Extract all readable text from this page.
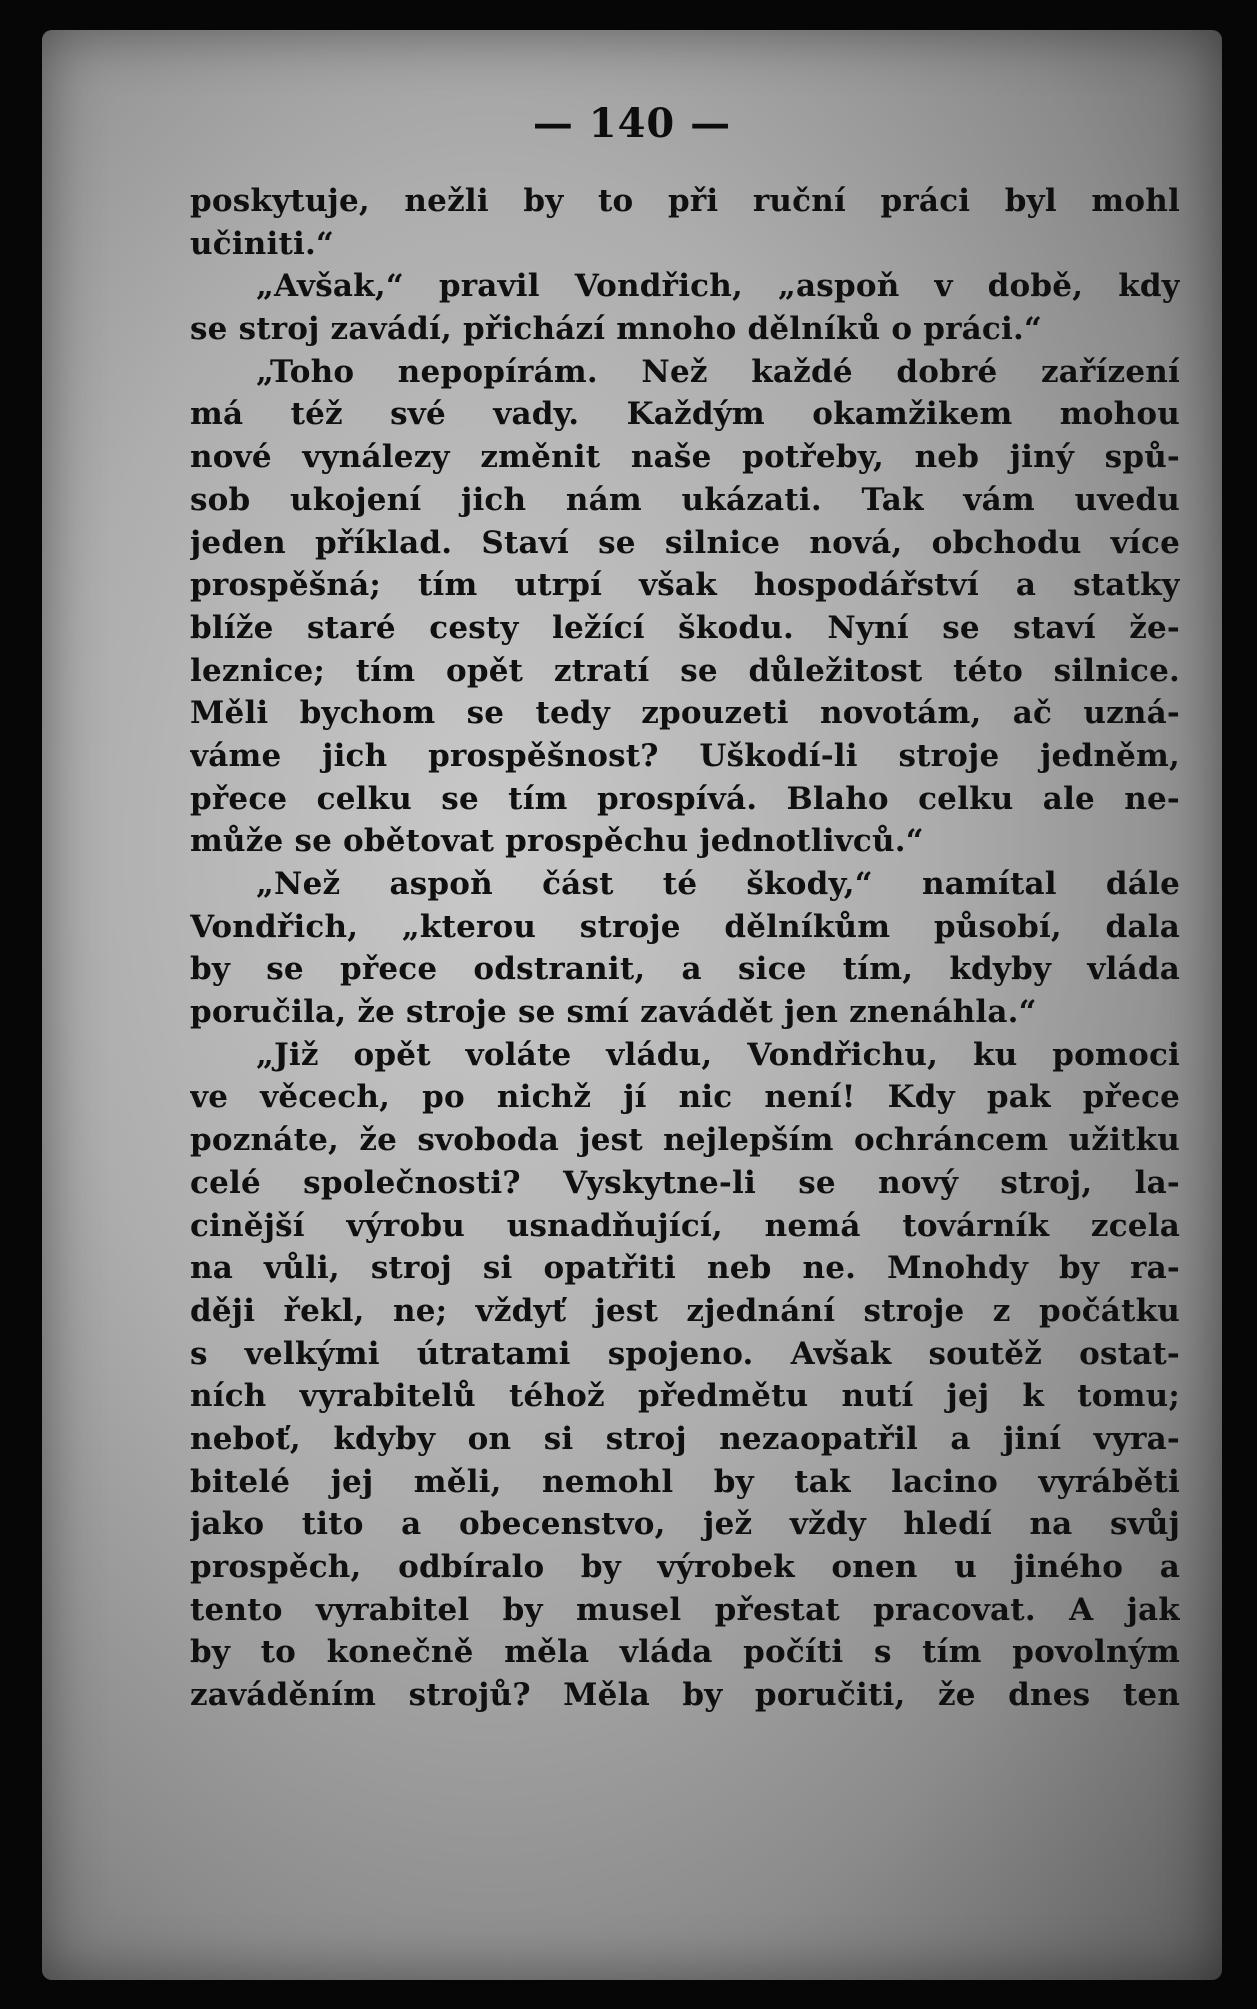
— 140 —
poskytuje, nežli by to při ruční práci byl mohl
učiniti.“
„Avšak,“ pravil Vondřich, „aspoň v době, kdy
se stroj zavádí, přichází mnoho dělníků o práci.“
„Toho nepopírám. Než každé dobré zařízení
má též své vady. Každým okamžikem mohou
nové vynálezy změnit naše potřeby, neb jiný spů-
sob ukojení jich nám ukázati. Tak vám uvedu
jeden příklad. Staví se silnice nová, obchodu více
prospěšná; tím utrpí však hospodářství a statky
blíže staré cesty ležící škodu. Nyní se staví že-
leznice; tím opět ztratí se důležitost této silnice.
Měli bychom se tedy zpouzeti novotám, ač uzná-
váme jich prospěšnost? Uškodí-li stroje jedněm,
přece celku se tím prospívá. Blaho celku ale ne-
může se obětovat prospěchu jednotlivců.“
„Než aspoň část té škody,“ namítal dále
Vondřich, „kterou stroje dělníkům působí, dala
by se přece odstranit, a sice tím, kdyby vláda
poručila, že stroje se smí zavádět jen znenáhla.“
„Již opět voláte vládu, Vondřichu, ku pomoci
ve věcech, po nichž jí nic není! Kdy pak přece
poznáte, že svoboda jest nejlepším ochráncem užitku
celé společnosti? Vyskytne-li se nový stroj, la-
cinější výrobu usnadňující, nemá továrník zcela
na vůli, stroj si opatřiti neb ne. Mnohdy by ra-
ději řekl, ne; vždyť jest zjednání stroje z počátku
s velkými útratami spojeno. Avšak soutěž ostat-
ních vyrabitelů téhož předmětu nutí jej k tomu;
neboť, kdyby on si stroj nezaopatřil a jiní vyra-
bitelé jej měli, nemohl by tak lacino vyráběti
jako tito a obecenstvo, jež vždy hledí na svůj
prospěch, odbíralo by výrobek onen u jiného a
tento vyrabitel by musel přestat pracovat. A jak
by to konečně měla vláda počíti s tím povolným
zaváděním strojů? Měla by poručiti, že dnes ten
